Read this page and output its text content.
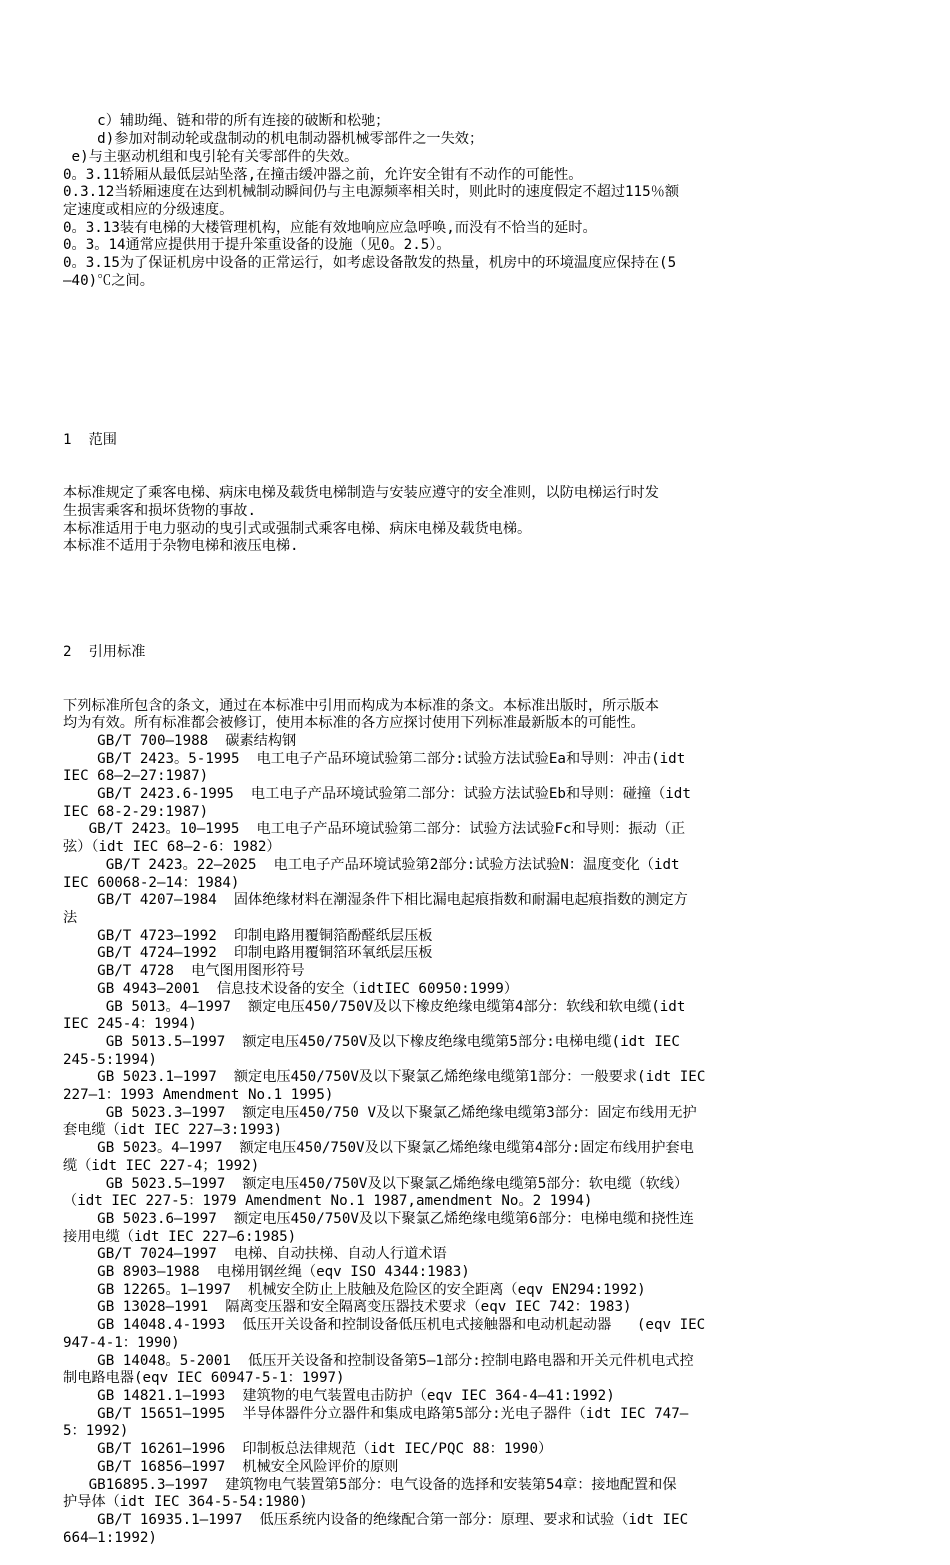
c）辅助绳、链和带的所有连接的破断和松驰；
d)参加对制动轮或盘制动的机电制动器机械零部件之一失效；
e)与主驱动机组和曳引轮有关零部件的失效。
0。3.11轿厢从最低层站坠落,在撞击缓冲器之前，允许安全钳有不动作的可能性。
0.3.12当轿厢速度在达到机械制动瞬间仍与主电源频率相关时，则此时的速度假定不超过115％额
定速度或相应的分级速度。
0。3.13装有电梯的大楼管理机构，应能有效地响应应急呼唤,而没有不恰当的延时。
0。3。14通常应提供用于提升笨重设备的设施（见0。2.5）。
0。3.15为了保证机房中设备的正常运行，如考虑设备散发的热量，机房中的环境温度应保持在(5
—40)℃之间。

1  范围

本标准规定了乘客电梯、病床电梯及载货电梯制造与安装应遵守的安全准则，以防电梯运行时发
生损害乘客和损坏货物的事故.
本标准适用于电力驱动的曳引式或强制式乘客电梯、病床电梯及载货电梯。
本标准不适用于杂物电梯和液压电梯.

2  引用标准

下列标准所包含的条文，通过在本标准中引用而构成为本标准的条文。本标准出版时，所示版本
均为有效。所有标准都会被修订，使用本标准的各方应探讨使用下列标准最新版本的可能性。
GB/T 700—1988  碳素结构钢
GB/T 2423。5-1995  电工电子产品环境试验第二部分:试验方法试验Ea和导则：冲击(idt
IEC 68—2—27:1987)
GB/T 2423.6-1995  电工电子产品环境试验第二部分：试验方法试验Eb和导则：碰撞（idt
IEC 68-2-29:1987)
GB/T 2423。10—1995  电工电子产品环境试验第二部分：试验方法试验Fc和导则：振动（正
弦）（idt IEC 68—2-6：1982）
GB/T 2423。22—2025  电工电子产品环境试验第2部分:试验方法试验N：温度变化（idt
IEC 60068-2—14：1984)
GB/T 4207—1984  固体绝缘材料在潮湿条件下相比漏电起痕指数和耐漏电起痕指数的测定方
法
GB/T 4723—1992  印制电路用覆铜箔酚醛纸层压板
GB/T 4724—1992  印制电路用覆铜箔环氧纸层压板
GB/T 4728  电气图用图形符号
GB 4943—2001  信息技术设备的安全（idtIEC 60950:1999）
GB 5013。4—1997  额定电压450/750V及以下橡皮绝缘电缆第4部分：软线和软电缆(idt
IEC 245-4：1994)
GB 5013.5—1997  额定电压450/750V及以下橡皮绝缘电缆第5部分:电梯电缆(idt IEC
245-5:1994)
GB 5023.1—1997  额定电压450/750V及以下聚氯乙烯绝缘电缆第1部分：一般要求(idt IEC
227—1：1993 Amendment No.1 1995)
GB 5023.3—1997  额定电压450/750 V及以下聚氯乙烯绝缘电缆第3部分：固定布线用无护
套电缆（idt IEC 227—3:1993)
GB 5023。4—1997  额定电压450/750V及以下聚氯乙烯绝缘电缆第4部分:固定布线用护套电
缆（idt IEC 227-4；1992)
GB 5023.5—1997  额定电压450/750V及以下聚氯乙烯绝缘电缆第5部分：软电缆（软线）
（idt IEC 227-5：1979 Amendment No.1 1987,amendment No。2 1994)
GB 5023.6—1997  额定电压450/750V及以下聚氯乙烯绝缘电缆第6部分：电梯电缆和挠性连
接用电缆（idt IEC 227—6:1985)
GB/T 7024—1997  电梯、自动扶梯、自动人行道术语
GB 8903—1988  电梯用钢丝绳（eqv ISO 4344:1983)
GB 12265。1—1997  机械安全防止上肢触及危险区的安全距离（eqv EN294:1992)
GB 13028—1991  隔离变压器和安全隔离变压器技术要求（eqv IEC 742：1983)
GB 14048.4-1993  低压开关设备和控制设备低压机电式接触器和电动机起动器   (eqv IEC
947-4-1：1990)
GB 14048。5-2001  低压开关设备和控制设备第5—1部分:控制电路电器和开关元件机电式控
制电路电器(eqv IEC 60947-5-1：1997)
GB 14821.1—1993  建筑物的电气装置电击防护（eqv IEC 364-4—41:1992)
GB/T 15651—1995  半导体器件分立器件和集成电路第5部分:光电子器件（idt IEC 747—
5：1992)
GB/T 16261—1996  印制板总法律规范（idt IEC/PQC 88：1990）
GB/T 16856—1997  机械安全风险评价的原则
GB16895.3—1997  建筑物电气装置第5部分：电气设备的选择和安装第54章：接地配置和保
护导体（idt IEC 364-5-54:1980)
GB/T 16935.1—1997  低压系统内设备的绝缘配合第一部分：原理、要求和试验（idt IEC
664—1:1992)
